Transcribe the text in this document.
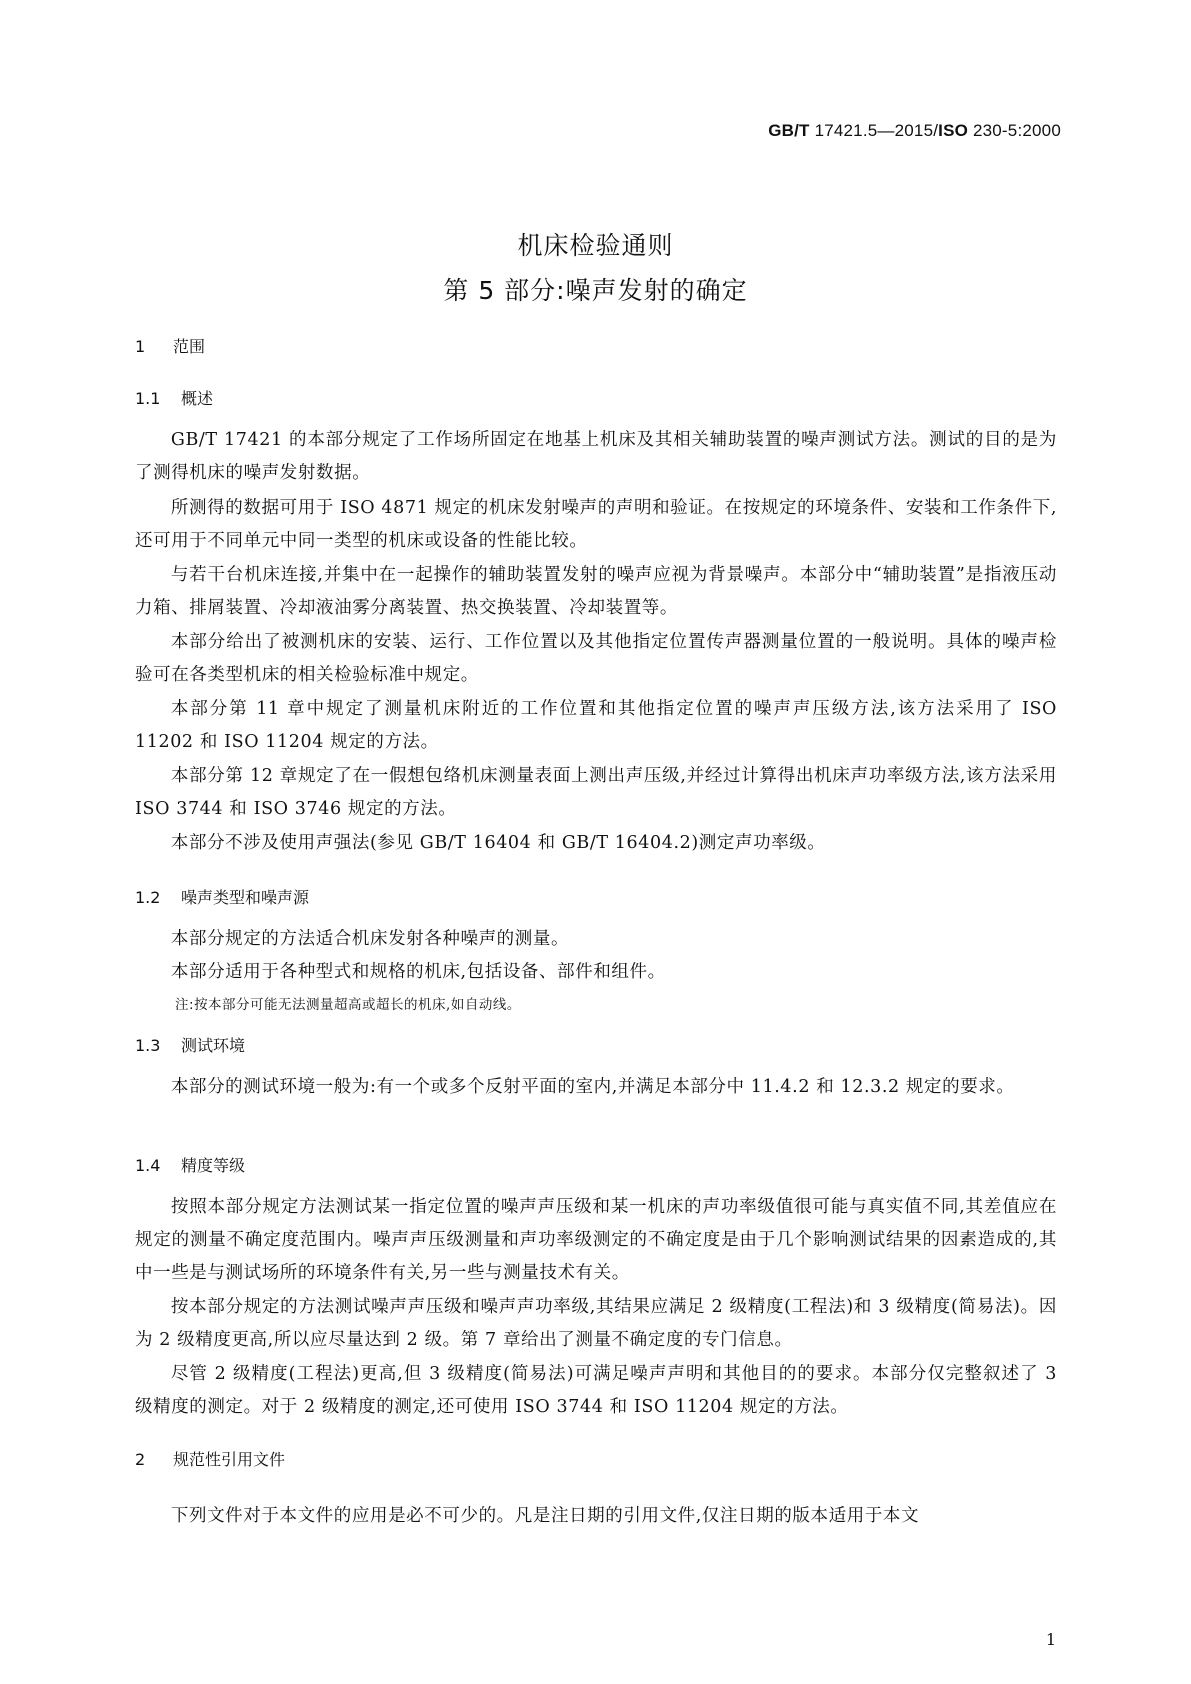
GB/T 17421.5—2015/ISO 230-5:2000
机床检验通则
第 5 部分:噪声发射的确定
1 范围
1.1 概述
GB/T 17421 的本部分规定了工作场所固定在地基上机床及其相关辅助装置的噪声测试方法。测试的目的是为了测得机床的噪声发射数据。
所测得的数据可用于 ISO 4871 规定的机床发射噪声的声明和验证。在按规定的环境条件、安装和工作条件下,还可用于不同单元中同一类型的机床或设备的性能比较。
与若干台机床连接,并集中在一起操作的辅助装置发射的噪声应视为背景噪声。本部分中“辅助装置”是指液压动力箱、排屑装置、冷却液油雾分离装置、热交换装置、冷却装置等。
本部分给出了被测机床的安装、运行、工作位置以及其他指定位置传声器测量位置的一般说明。具体的噪声检验可在各类型机床的相关检验标准中规定。
本部分第 11 章中规定了测量机床附近的工作位置和其他指定位置的噪声声压级方法,该方法采用了 ISO 11202 和 ISO 11204 规定的方法。
本部分第 12 章规定了在一假想包络机床测量表面上测出声压级,并经过计算得出机床声功率级方法,该方法采用 ISO 3744 和 ISO 3746 规定的方法。
本部分不涉及使用声强法(参见 GB/T 16404 和 GB/T 16404.2)测定声功率级。
1.2 噪声类型和噪声源
本部分规定的方法适合机床发射各种噪声的测量。
本部分适用于各种型式和规格的机床,包括设备、部件和组件。
注:按本部分可能无法测量超高或超长的机床,如自动线。
1.3 测试环境
本部分的测试环境一般为:有一个或多个反射平面的室内,并满足本部分中 11.4.2 和 12.3.2 规定的要求。
1.4 精度等级
按照本部分规定方法测试某一指定位置的噪声声压级和某一机床的声功率级值很可能与真实值不同,其差值应在规定的测量不确定度范围内。噪声声压级测量和声功率级测定的不确定度是由于几个影响测试结果的因素造成的,其中一些是与测试场所的环境条件有关,另一些与测量技术有关。
按本部分规定的方法测试噪声声压级和噪声声功率级,其结果应满足 2 级精度(工程法)和 3 级精度(简易法)。因为 2 级精度更高,所以应尽量达到 2 级。第 7 章给出了测量不确定度的专门信息。
尽管 2 级精度(工程法)更高,但 3 级精度(简易法)可满足噪声声明和其他目的的要求。本部分仅完整叙述了 3 级精度的测定。对于 2 级精度的测定,还可使用 ISO 3744 和 ISO 11204 规定的方法。
2 规范性引用文件
下列文件对于本文件的应用是必不可少的。凡是注日期的引用文件,仅注日期的版本适用于本文
1
